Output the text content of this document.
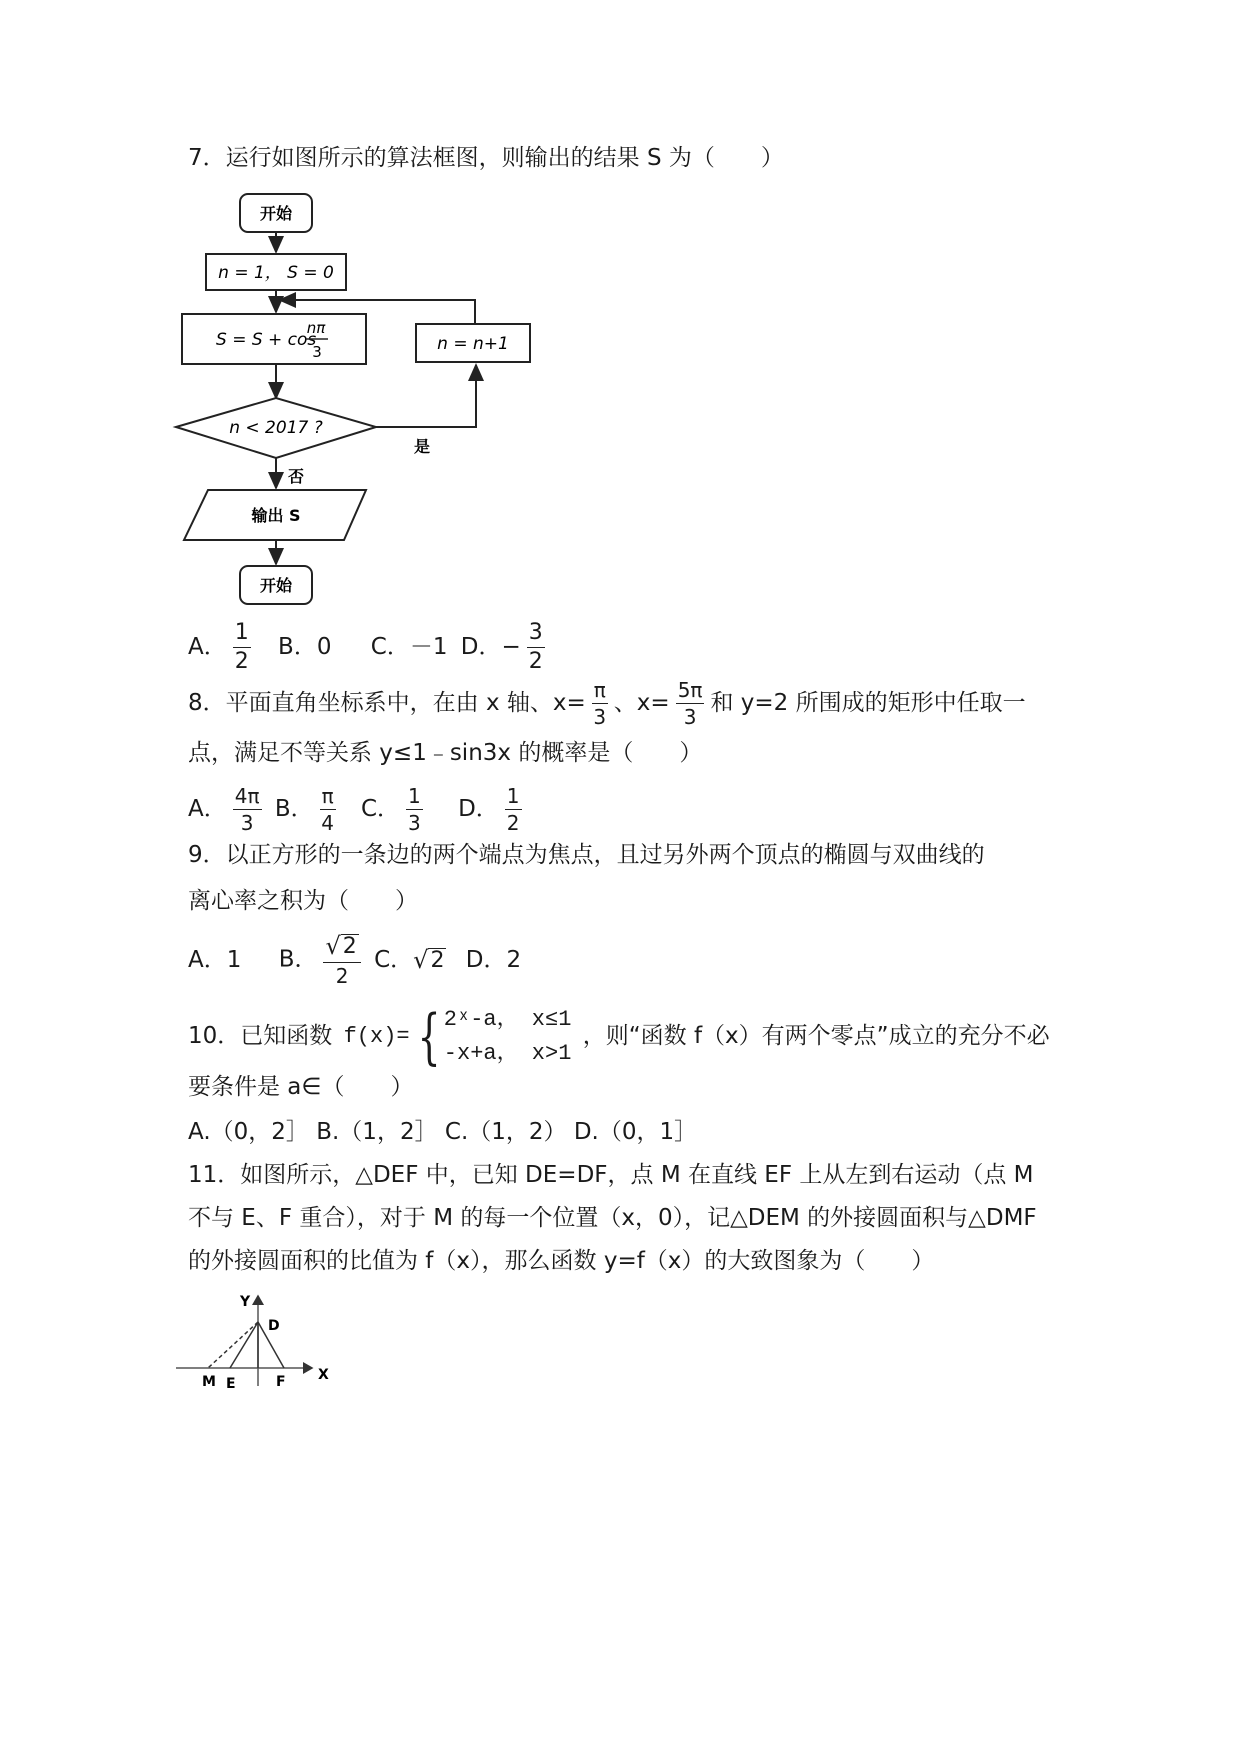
7．运行如图所示的算法框图，则输出的结果 S 为（　　）
开始
n = 1， S = 0
S = S + cos
nπ
3	n = n+1
n < 2017 ?
是
否
输出 S
开始
A． $\frac{1}{2}$ B．0 C．－1 D．− $\frac{3}{2}$
8．平面直角坐标系中，在由 x 轴、$x= \frac{\pi}{3}$ 、$x= \frac{5\pi}{3}$ 和 y=2 所围成的矩形中任取一
点，满足不等关系 y≤1﹣sin3x 的概率是（　　）
A． $\frac{4\pi}{3}$ B． $\frac{\pi}{4}$ C． $\frac{1}{3}$ D． $\frac{1}{2}$
9．以正方形的一条边的两个端点为焦点，且过另外两个顶点的椭圆与双曲线的
离心率之积为（　　）
A．1 B． $\frac{√ 2}{2}$ C． √ 2 D．2
10．已知函数 f(x)= { 2ˣ-a， x≤1
-x+a， x>1
，则“函数 f（x）有两个零点”成立的充分不必
要条件是 a∈（　　）
A.（0，2］ B.（1，2］ C.（1，2） D.（0，1］
11．如图所示，△DEF 中，已知 DE=DF，点 M 在直线 EF 上从左到右运动（点 M
不与 E、F 重合），对于 M 的每一个位置（x，0），记△DEM 的外接圆面积与△DMF
的外接圆面积的比值为 f（x），那么函数 y=f（x）的大致图象为（　　）
Y
X
D
M E	F
